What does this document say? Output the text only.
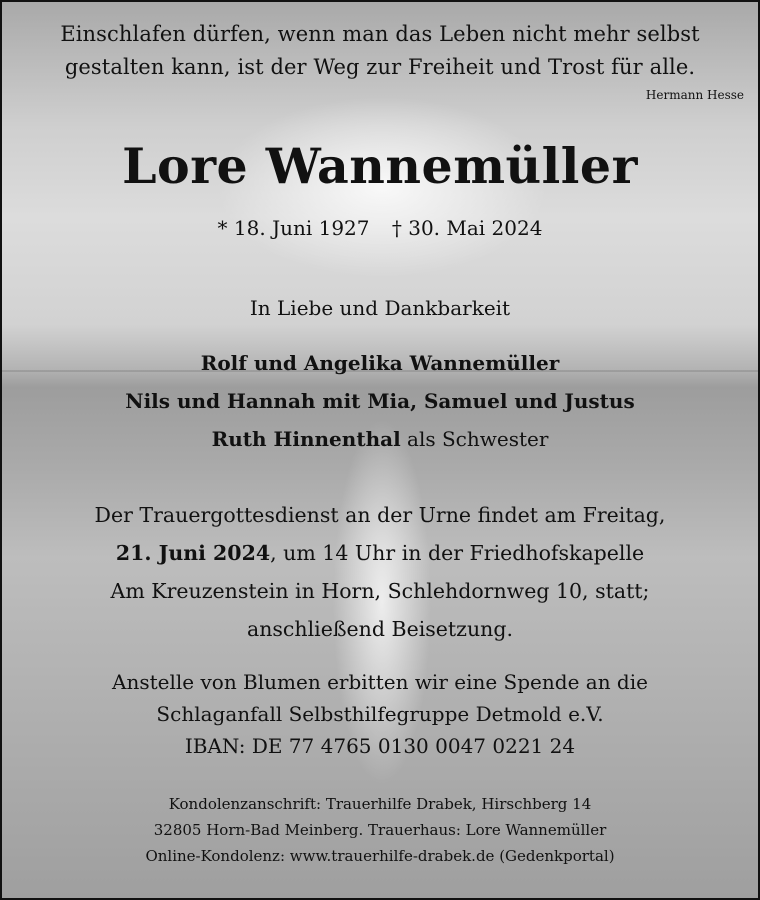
Einschlafen dürfen, wenn man das Leben nicht mehr selbst
gestalten kann, ist der Weg zur Freiheit und Trost für alle.
Hermann Hesse
Lore Wannemüller
* 18. Juni 1927 † 30. Mai 2024
In Liebe und Dankbarkeit
Rolf und Angelika Wannemüller
Nils und Hannah mit Mia, Samuel und Justus
Ruth Hinnenthal als Schwester
Der Trauergottesdienst an der Urne findet am Freitag,
21. Juni 2024, um 14 Uhr in der Friedhofskapelle
Am Kreuzenstein in Horn, Schlehdornweg 10, statt;
anschließend Beisetzung.
Anstelle von Blumen erbitten wir eine Spende an die
Schlaganfall Selbsthilfegruppe Detmold e.V.
IBAN: DE 77 4765 0130 0047 0221 24
Kondolenzanschrift: Trauerhilfe Drabek, Hirschberg 14
32805 Horn-Bad Meinberg. Trauerhaus: Lore Wannemüller
Online-Kondolenz: www.trauerhilfe-drabek.de (Gedenkportal)
